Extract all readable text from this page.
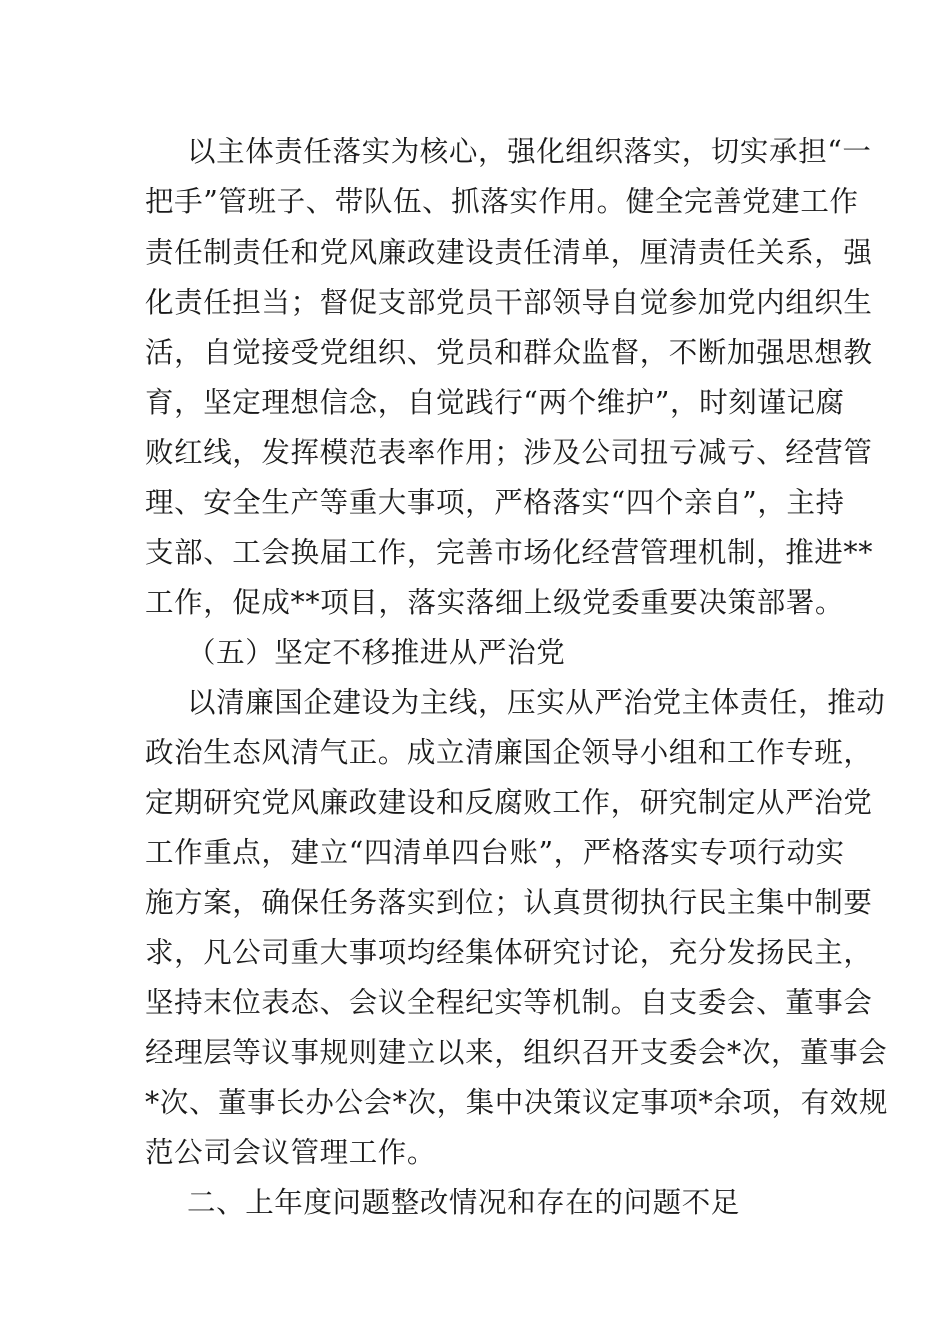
以主体责任落实为核心，强化组织落实，切实承担“一
把手”管班子、带队伍、抓落实作用。健全完善党建工作
责任制责任和党风廉政建设责任清单，厘清责任关系，强
化责任担当；督促支部党员干部领导自觉参加党内组织生
活，自觉接受党组织、党员和群众监督，不断加强思想教
育，坚定理想信念，自觉践行“两个维护”，时刻谨记腐
败红线，发挥模范表率作用；涉及公司扭亏减亏、经营管
理、安全生产等重大事项，严格落实“四个亲自”，主持
支部、工会换届工作，完善市场化经营管理机制，推进**
工作，促成**项目，落实落细上级党委重要决策部署。
（五）坚定不移推进从严治党
以清廉国企建设为主线，压实从严治党主体责任，推动
政治生态风清气正。成立清廉国企领导小组和工作专班，
定期研究党风廉政建设和反腐败工作，研究制定从严治党
工作重点，建立“四清单四台账”，严格落实专项行动实
施方案，确保任务落实到位；认真贯彻执行民主集中制要
求，凡公司重大事项均经集体研究讨论，充分发扬民主，
坚持末位表态、会议全程纪实等机制。自支委会、董事会
经理层等议事规则建立以来，组织召开支委会*次，董事会
*次、董事长办公会*次，集中决策议定事项*余项，有效规
范公司会议管理工作。
二、上年度问题整改情况和存在的问题不足
